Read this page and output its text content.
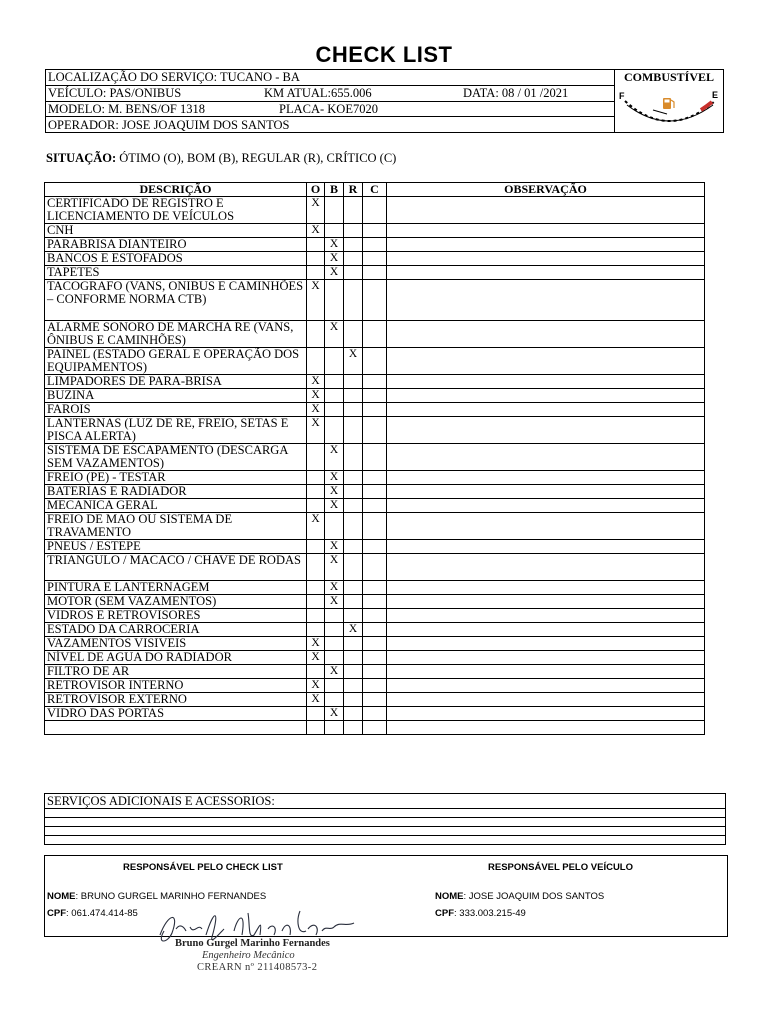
CHECK LIST
LOCALIZAÇÃO DO SERVIÇO: TUCANO - BA	COMBUSTÍVEL
F	E

VEÍCULO: PAS/ONIBUS	KM ATUAL:655.006	DATA: 08 / 01 /2021

MODELO: M. BENS/OF 1318	PLACA- KOE7020

OPERADOR: JOSE JOAQUIM DOS SANTOS
SITUAÇÃO: ÓTIMO (O), BOM (B), REGULAR (R), CRÍTICO (C)
DESCRIÇÃO	O	B	R	C	OBSERVAÇÃO
CERTIFICADO DE REGISTRO E LICENCIAMENTO DE VEÍCULOS	X				
CNH	X				
PARABRISA DIANTEIRO		X			
BANCOS E ESTOFADOS		X			
TAPETES		X			
TACOGRAFO (VANS, ONIBUS E CAMINHÕES – CONFORME NORMA CTB)	X				
ALARME SONORO DE MARCHA RE (VANS, ÔNIBUS E CAMINHÕES)		X			
PAINEL (ESTADO GERAL E OPERAÇÃO DOS EQUIPAMENTOS)			X		
LIMPADORES DE PARA-BRISA	X				
BUZINA	X				
FAROIS	X				
LANTERNAS (LUZ DE RE, FREIO, SETAS E PISCA ALERTA)	X				
SISTEMA DE ESCAPAMENTO (DESCARGA SEM VAZAMENTOS)		X			
FREIO (PE) - TESTAR		X			
BATERIAS E RADIADOR		X			
MECANICA GERAL		X			
FREIO DE MAO OU SISTEMA DE TRAVAMENTO	X				
PNEUS / ESTEPE		X			
TRIANGULO / MACACO / CHAVE DE RODAS		X			
PINTURA E LANTERNAGEM		X			
MOTOR (SEM VAZAMENTOS)		X			
VIDROS E RETROVISORES					
ESTADO DA CARROCERIA			X		
VAZAMENTOS VISIVEIS	X				
NÍVEL DE AGUA DO RADIADOR	X				
FILTRO DE AR		X			
RETROVISOR INTERNO	X				
RETROVISOR EXTERNO	X				
VIDRO DAS PORTAS		X			

SERVIÇOS ADICIONAIS E ACESSORIOS:

RESPONSÁVEL PELO CHECK LIST	RESPONSÁVEL PELO VEÍCULO
NOME: BRUNO GURGEL MARINHO FERNANDES
CPF: 061.474.414-85
NOME: JOSE JOAQUIM DOS SANTOS
CPF: 333.003.215-49
Bruno Gurgel Marinho Fernandes
Engenheiro Mecânico
CREARN nº 211408573-2
